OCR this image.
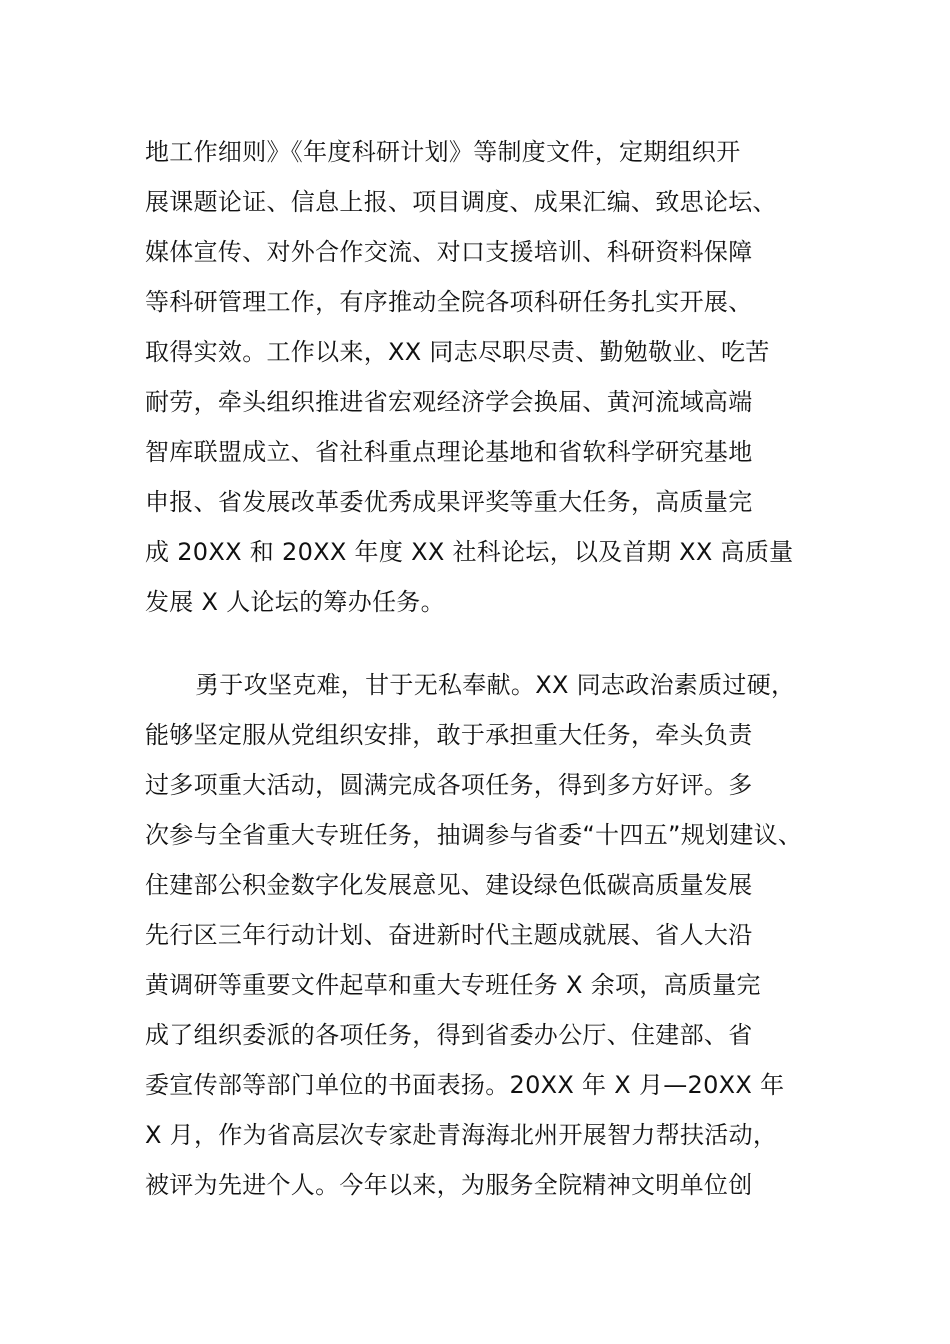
地工作细则》《年度科研计划》等制度文件，定期组织开
展课题论证、信息上报、项目调度、成果汇编、致思论坛、
媒体宣传、对外合作交流、对口支援培训、科研资料保障
等科研管理工作，有序推动全院各项科研任务扎实开展、
取得实效。工作以来，XX 同志尽职尽责、勤勉敬业、吃苦
耐劳，牵头组织推进省宏观经济学会换届、黄河流域高端
智库联盟成立、省社科重点理论基地和省软科学研究基地
申报、省发展改革委优秀成果评奖等重大任务，高质量完
成 20XX 和 20XX 年度 XX 社科论坛，以及首期 XX 高质量
发展 X 人论坛的筹办任务。
勇于攻坚克难，甘于无私奉献。XX 同志政治素质过硬，
能够坚定服从党组织安排，敢于承担重大任务，牵头负责
过多项重大活动，圆满完成各项任务，得到多方好评。多
次参与全省重大专班任务，抽调参与省委“十四五”规划建议、
住建部公积金数字化发展意见、建设绿色低碳高质量发展
先行区三年行动计划、奋进新时代主题成就展、省人大沿
黄调研等重要文件起草和重大专班任务 X 余项，高质量完
成了组织委派的各项任务，得到省委办公厅、住建部、省
委宣传部等部门单位的书面表扬。20XX 年 X 月—20XX 年
X 月，作为省高层次专家赴青海海北州开展智力帮扶活动，
被评为先进个人。今年以来，为服务全院精神文明单位创
